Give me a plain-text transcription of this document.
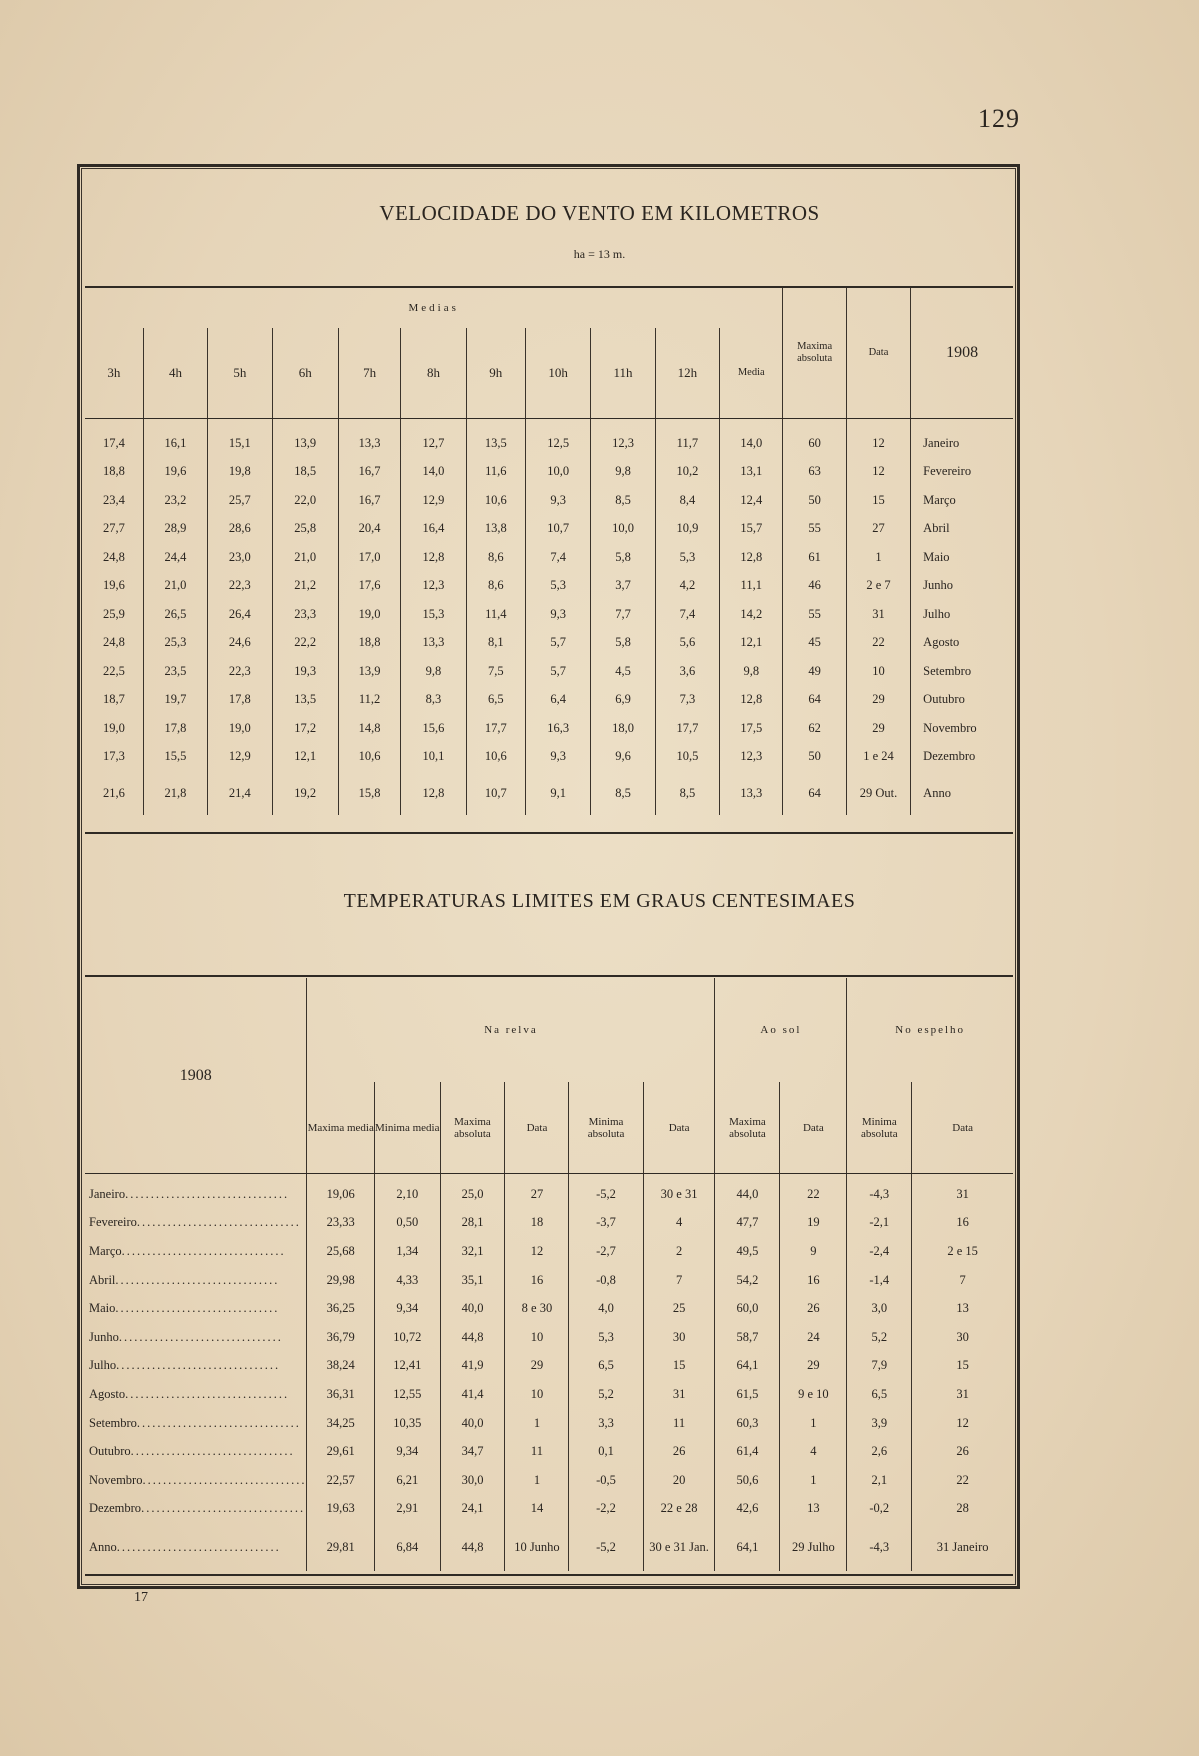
129
VELOCIDADE DO VENTO EM KILOMETROS
ha = 13 m.
Medias											Maxima absoluta	Data	1908
3h	4h	5h	6h	7h	8h	9h	10h	11h	12h	Media			
17,4	16,1	15,1	13,9	13,3	12,7	13,5	12,5	12,3	11,7	14,0	60	12	Janeiro
18,8	19,6	19,8	18,5	16,7	14,0	11,6	10,0	9,8	10,2	13,1	63	12	Fevereiro
23,4	23,2	25,7	22,0	16,7	12,9	10,6	9,3	8,5	8,4	12,4	50	15	Março
27,7	28,9	28,6	25,8	20,4	16,4	13,8	10,7	10,0	10,9	15,7	55	27	Abril
24,8	24,4	23,0	21,0	17,0	12,8	8,6	7,4	5,8	5,3	12,8	61	1	Maio
19,6	21,0	22,3	21,2	17,6	12,3	8,6	5,3	3,7	4,2	11,1	46	2 e 7	Junho
25,9	26,5	26,4	23,3	19,0	15,3	11,4	9,3	7,7	7,4	14,2	55	31	Julho
24,8	25,3	24,6	22,2	18,8	13,3	8,1	5,7	5,8	5,6	12,1	45	22	Agosto
22,5	23,5	22,3	19,3	13,9	9,8	7,5	5,7	4,5	3,6	9,8	49	10	Setembro
18,7	19,7	17,8	13,5	11,2	8,3	6,5	6,4	6,9	7,3	12,8	64	29	Outubro
19,0	17,8	19,0	17,2	14,8	15,6	17,7	16,3	18,0	17,7	17,5	62	29	Novembro
17,3	15,5	12,9	12,1	10,6	10,1	10,6	9,3	9,6	10,5	12,3	50	1 e 24	Dezembro
21,6	21,8	21,4	19,2	15,8	12,8	10,7	9,1	8,5	8,5	13,3	64	29 Out.	Anno
TEMPERATURAS LIMITES EM GRAUS CENTESIMAES
1908	Na relva						Ao sol		No espelho	
	Maxima media	Minima media	Maxima absoluta	Data	Minima absoluta	Data	Maxima absoluta	Data	Minima absoluta	Data
Janeiro................................	19,06	2,10	25,0	27	-5,2	30 e 31	44,0	22	-4,3	31
Fevereiro................................	23,33	0,50	28,1	18	-3,7	4	47,7	19	-2,1	16
Março................................	25,68	1,34	32,1	12	-2,7	2	49,5	9	-2,4	2 e 15
Abril................................	29,98	4,33	35,1	16	-0,8	7	54,2	16	-1,4	7
Maio................................	36,25	9,34	40,0	8 e 30	4,0	25	60,0	26	3,0	13
Junho................................	36,79	10,72	44,8	10	5,3	30	58,7	24	5,2	30
Julho................................	38,24	12,41	41,9	29	6,5	15	64,1	29	7,9	15
Agosto................................	36,31	12,55	41,4	10	5,2	31	61,5	9 e 10	6,5	31
Setembro................................	34,25	10,35	40,0	1	3,3	11	60,3	1	3,9	12
Outubro................................	29,61	9,34	34,7	11	0,1	26	61,4	4	2,6	26
Novembro................................	22,57	6,21	30,0	1	-0,5	20	50,6	1	2,1	22
Dezembro................................	19,63	2,91	24,1	14	-2,2	22 e 28	42,6	13	-0,2	28
Anno................................	29,81	6,84	44,8	10 Junho	-5,2	30 e 31 Jan.	64,1	29 Julho	-4,3	31 Janeiro
17
